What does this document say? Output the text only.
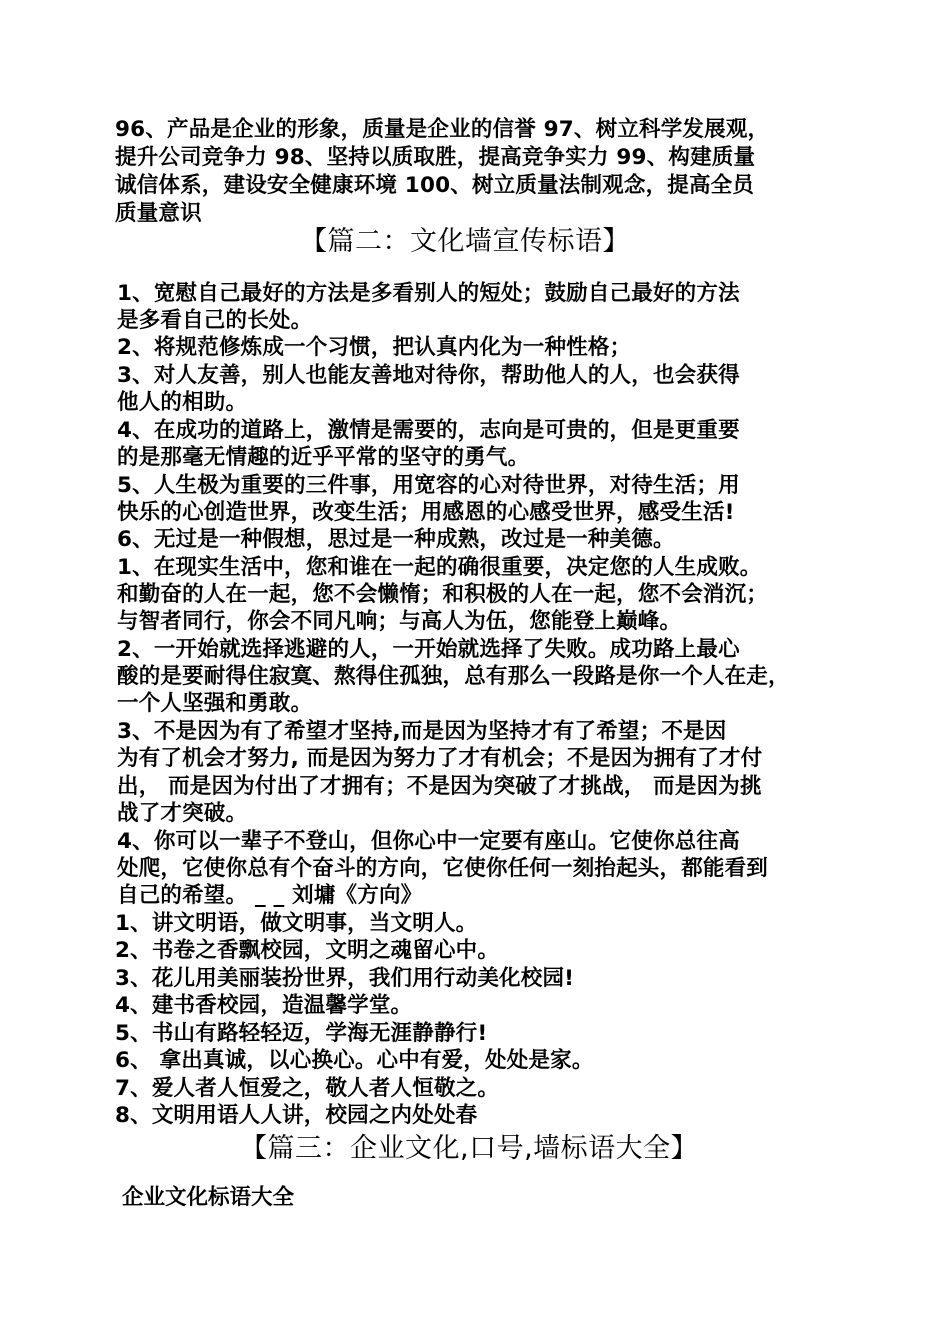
96、产品是企业的形象，质量是企业的信誉 97、树立科学发展观，
提升公司竞争力 98、坚持以质取胜，提高竞争实力 99、构建质量
诚信体系，建设安全健康环境 100、树立质量法制观念，提高全员
质量意识
【篇二：文化墙宣传标语】
1、宽慰自己最好的方法是多看别人的短处；鼓励自己最好的方法
是多看自己的长处。
2、将规范修炼成一个习惯，把认真内化为一种性格；
3、对人友善，别人也能友善地对待你，帮助他人的人，也会获得
他人的相助。
4、在成功的道路上，激情是需要的，志向是可贵的，但是更重要
的是那毫无情趣的近乎平常的坚守的勇气。
5、人生极为重要的三件事，用宽容的心对待世界，对待生活；用
快乐的心创造世界，改变生活；用感恩的心感受世界，感受生活!
6、无过是一种假想，思过是一种成熟，改过是一种美德。
1、在现实生活中，您和谁在一起的确很重要，决定您的人生成败。
和勤奋的人在一起，您不会懒惰；和积极的人在一起，您不会消沉；
与智者同行，你会不同凡响；与高人为伍，您能登上巅峰。
2、一开始就选择逃避的人，一开始就选择了失败。成功路上最心
酸的是要耐得住寂寞、熬得住孤独，总有那么一段路是你一个人在走，
一个人坚强和勇敢。
3、不是因为有了希望才坚持,而是因为坚持才有了希望；不是因
为有了机会才努力, 而是因为努力了才有机会；不是因为拥有了才付
出， 而是因为付出了才拥有；不是因为突破了才挑战， 而是因为挑
战了才突破。
4、你可以一辈子不登山，但你心中一定要有座山。它使你总往高
处爬，它使你总有个奋斗的方向，它使你任何一刻抬起头，都能看到
自己的希望。 _ _ 刘墉《方向》
1、讲文明语，做文明事，当文明人。
2、书卷之香飘校园，文明之魂留心中。
3、花儿用美丽装扮世界，我们用行动美化校园!
4、建书香校园，造温馨学堂。
5、书山有路轻轻迈，学海无涯静静行!
6、 拿出真诚，以心换心。心中有爱，处处是家。
7、爱人者人恒爱之，敬人者人恒敬之。
8、文明用语人人讲，校园之内处处春
【篇三：企业文化,口号,墙标语大全】
企业文化标语大全
